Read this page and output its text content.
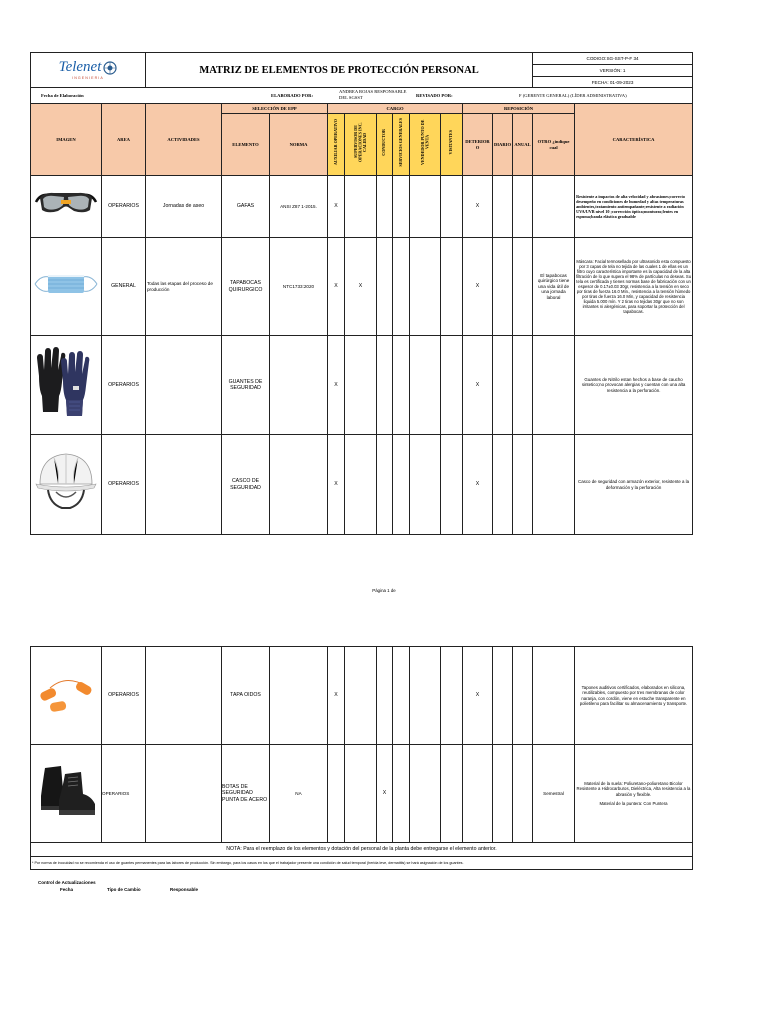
Telenet
INGENIERIA		MATRIZ DE ELEMENTOS DE PROTECCIÓN PERSONAL												CODIGO:SG-SST-P-F 34	
														VERSIÓN: 1	
														FECHA: 01-09-2023	

Fecha de Elaboración ELABORADO POR:
ANDREA ROJAS RESPONSABLE DEL SGSST REVISADO POR: F (GERENTE GENERAL) (LÍDER ADMINISTRATIVA)															

IMAGEN	AREA	ACTIVIDADES	SELECCIÓN DE EPP		CARGO						REPOSICIÓN				CARACTERÍSTICA
			ELEMENTO	NORMA	AUXILIAR OPERATIVO	SUPERVISOR DE OPERACIONES INC. CALIDAD	CONDUCTOR	SERVICIOS GENERALES	VENDEDOR PUNTO DE VENTA	VISITANTES	DETERIOR O	DIARIO	ANUAL	OTRO ¿indique cual	
	OPERARIOS	Jornadas de aseo	GAFAS	ANSI Z87 1-2015.	X						X				Resistente a impactos de alta velocidad y abrasiones;correcto desempeño en condiciones de humedad y altas temperaturas ambientes,tratamiento antiempañante;resistente a radiación UVA/UVB nivel 10 ;corrección óptica;monturas;lentes en espuma;banda elástica graduable
	GENERAL	Todas las etapas del proceso de producción	TAPABOCAS QUIRURGICO	NTC1733:2020	X	X					X			El tapabocas quirúrgico tiene una vida útil de una jornada laboral	Máscara: Facial termosellado por ultrasonido esta compuesto por 3 capas de tela no tejida de las cuales 1 de ellas es un filtro cuyo característica importante es la capacidad de la alta filtración de lo que supera el 98% de partículas no deseas. Su tela es certificada y tienes normas base de fabricación con un espesor de 0.17±0.03 30gr, resistencia a la tensión en seco por tiras de fuerza 16.0 Mín., resistencia a la tensión húmedo por tiras de fuerza 16.0 Mín, y capacidad de resistencia liquida 5.000 mín. Y 2 tiras no tejidas 30gr que no son irritantes ni alergénicas, para soportar la protección del tapabocas.
	OPERARIOS		GUANTES DE SEGURIDAD		X						X				Guantes de Nitrilo estan hechos a base de caucho sintetico;no provocan alergias y cuentan con una alta resistencia a la perforación.
	OPERARIOS		CASCO DE SEGURIDAD		X						X				Casco de seguridad con armazón exterior, resistente a la deformación y la perforación
Página 1 de
	OPERARIOS		TAPA OIDOS		X						X				Tapones auditivos certificados, elaborados en silicona, reutilizables, compuesto por tres membranas de color naranja, con cordón, viene en estuche transparente en polietileno para facilitar su almacenamiento y transporte.
	OPERARIOS		BOTAS DE SEGURIDAD PUNTA DE ACERO	NA			X							Semestral	Material de la suela: Poliuretano-poliuretano Bicolor Resistente a Hidrocarburos, Dieléctrica, Alta resistencia a la abrasión y flexible.
Material de la puntera: Con Puntera

NOTA: Para el reemplazo de los elementos y dotación del personal de la planta debe entregarse el elemento anterior.															
* Por norma de inocuidad no se recomienda el uso de guantes permanentes para las labores de producción. Sin embargo, para los casos en los que el trabajador presente una condición de salud temporal (herida leve, dermatitis) se hará asignación de los guantes.															
Control de Actualizaciones
Fecha	Tipo de Cambio	Responsable
